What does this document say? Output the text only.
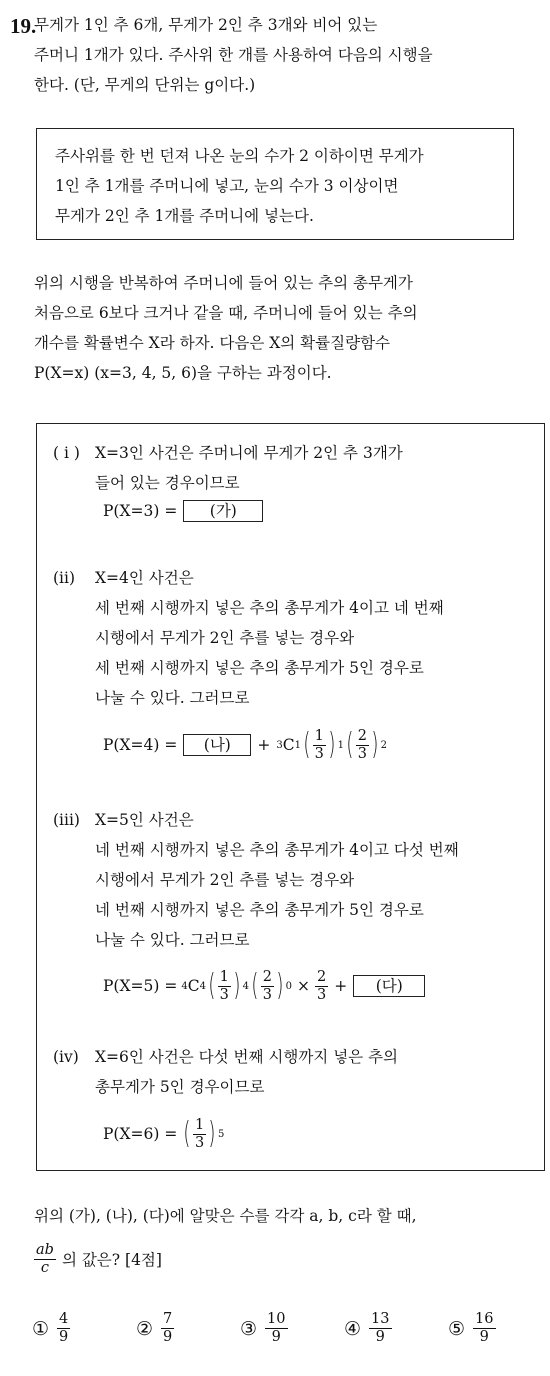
19.
무게가 1인 추 6개, 무게가 2인 추 3개와 비어 있는
주머니 1개가 있다. 주사위 한 개를 사용하여 다음의 시행을
한다. (단, 무게의 단위는 g이다.)
주사위를 한 번 던져 나온 눈의 수가 2 이하이면 무게가
1인 추 1개를 주머니에 넣고, 눈의 수가 3 이상이면
무게가 2인 추 1개를 주머니에 넣는다.
위의 시행을 반복하여 주머니에 들어 있는 추의 총무게가
처음으로 6보다 크거나 같을 때, 주머니에 들어 있는 추의
개수를 확률변수 X라 하자. 다음은 X의 확률질량함수
P(X=x) (x=3, 4, 5, 6)을 구하는 과정이다.
( i ) X=3인 사건은 주머니에 무게가 2인 추 3개가
들어 있는 경우이므로
P(X=3) =	(가)
(ii) X=4인 사건은
세 번째 시행까지 넣은 추의 총무게가 4이고 네 번째
시행에서 무게가 2인 추를 넣는 경우와
세 번째 시행까지 넣은 추의 총무게가 5인 경우로
나눌 수 있다. 그러므로
P(X=4) =	(나)	+ 3 C 1 ( $\frac{1}{3}$ ) 1 ( $\frac{2}{3}$ ) 2
(iii) X=5인 사건은
네 번째 시행까지 넣은 추의 총무게가 4이고 다섯 번째
시행에서 무게가 2인 추를 넣는 경우와
네 번째 시행까지 넣은 추의 총무게가 5인 경우로
나눌 수 있다. 그러므로
P(X=5) = 4 C 4 ( $\frac{1}{3}$ ) 4 ( $\frac{2}{3}$ ) $0 \times \frac{2}{3}$ +	(다)
(iv) X=6인 사건은 다섯 번째 시행까지 넣은 추의
총무게가 5인 경우이므로
P(X=6) = ( $\frac{1}{3}$ ) 5
위의 (가), (나), (다)에 알맞은 수를 각각 a, b, c라 할 때,
$\frac{ab}{c}$ 의 값은? [4점]
① $\frac{4}{9}$	② $\frac{7}{9}$	③ $\frac{10}{9}$	④ $\frac{13}{9}$	⑤ $\frac{16}{9}$
